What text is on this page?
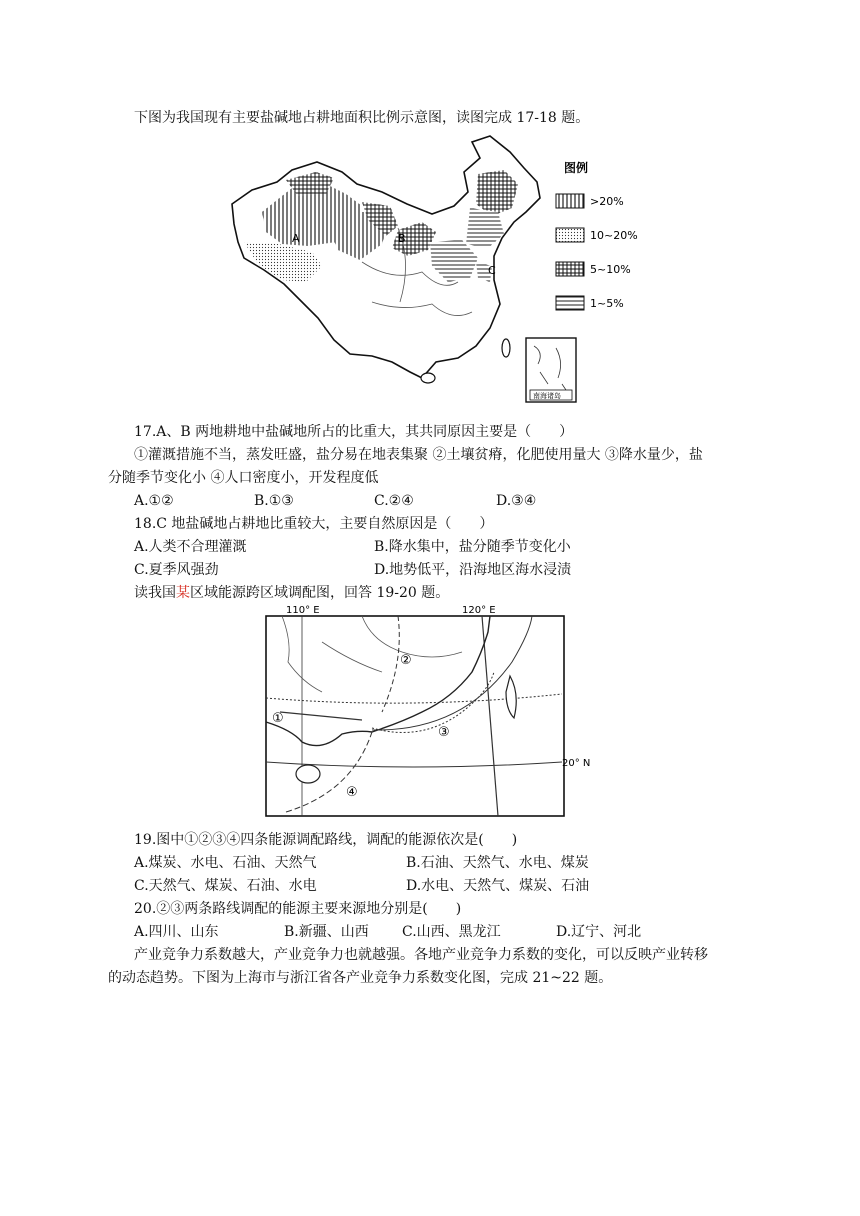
下图为我国现有主要盐碱地占耕地面积比例示意图，读图完成 17-18 题。
A	B
C
图例
>20%
10~20%
5~10%
1~5%
南海诸岛
17.A、B 两地耕地中盐碱地所占的比重大，其共同原因主要是（　　）
①灌溉措施不当，蒸发旺盛，盐分易在地表集聚 ②土壤贫瘠，化肥使用量大 ③降水量少，盐
分随季节变化小 ④人口密度小，开发程度低
A.①②	B.①③	C.②④	D.③④
18.C 地盐碱地占耕地比重较大，主要自然原因是（　　）
A.人类不合理灌溉	B.降水集中，盐分随季节变化小
C.夏季风强劲	D.地势低平，沿海地区海水浸渍
读我国某区域能源跨区域调配图，回答 19-20 题。
110° E	120° E
20° N
①
②
③
④
19.图中①②③④四条能源调配路线，调配的能源依次是(　　)
A.煤炭、水电、石油、天然气	B.石油、天然气、水电、煤炭
C.天然气、煤炭、石油、水电	D.水电、天然气、煤炭、石油
20.②③两条路线调配的能源主要来源地分别是(　　)
A.四川、山东	B.新疆、山西 C.山西、黑龙江	D.辽宁、河北
产业竞争力系数越大，产业竞争力也就越强。各地产业竞争力系数的变化，可以反映产业转移
的动态趋势。下图为上海市与浙江省各产业竞争力系数变化图，完成 21~22 题。
